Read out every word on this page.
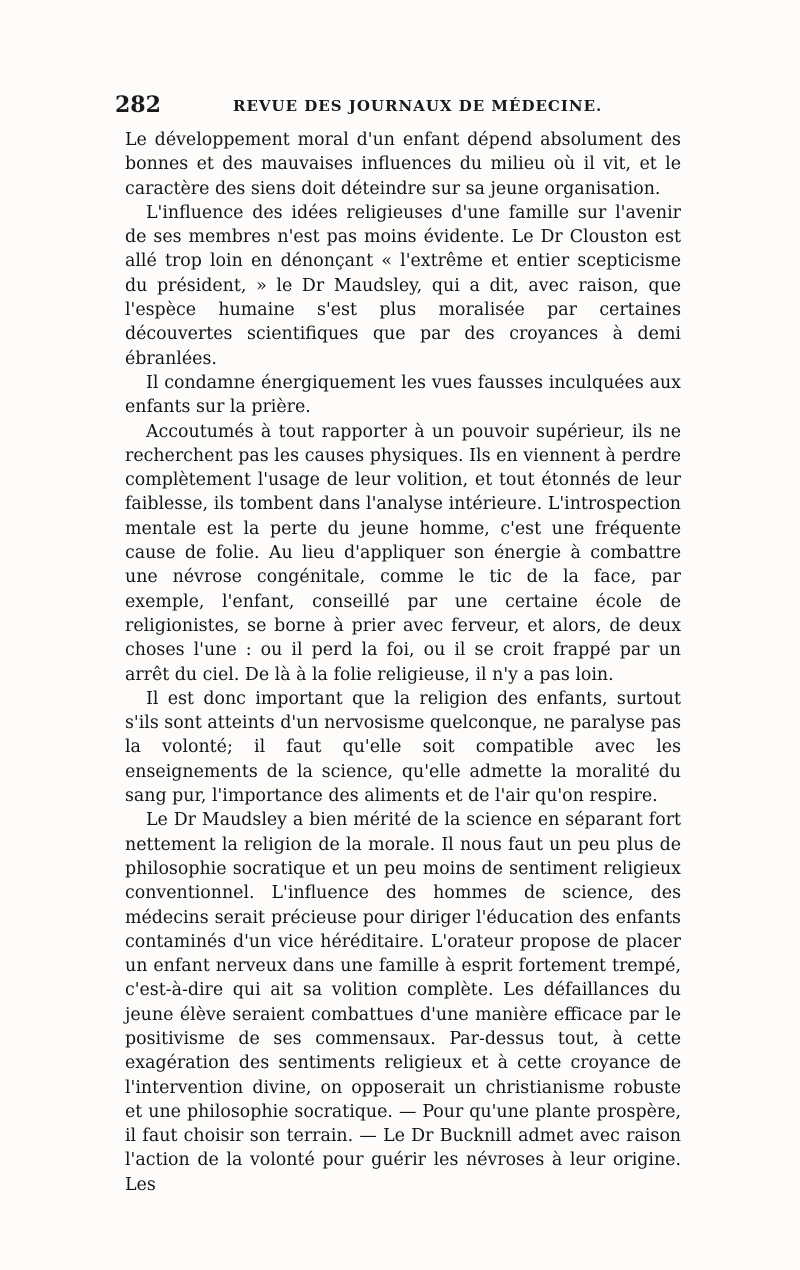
282	REVUE DES JOURNAUX DE MÉDECINE.

Le développement moral d'un enfant dépend absolument des bonnes et des mauvaises influences du milieu où il vit, et le caractère des siens doit déteindre sur sa jeune organisation.

L'influence des idées religieuses d'une famille sur l'avenir de ses membres n'est pas moins évidente. Le Dr Clouston est allé trop loin en dénonçant « l'extrême et entier scepticisme du président, » le Dr Maudsley, qui a dit, avec raison, que l'espèce humaine s'est plus moralisée par certaines découvertes scientifiques que par des croyances à demi ébranlées.

Il condamne énergiquement les vues fausses inculquées aux enfants sur la prière.

Accoutumés à tout rapporter à un pouvoir supérieur, ils ne recherchent pas les causes physiques. Ils en viennent à perdre complètement l'usage de leur volition, et tout étonnés de leur faiblesse, ils tombent dans l'analyse intérieure. L'introspection mentale est la perte du jeune homme, c'est une fréquente cause de folie. Au lieu d'appliquer son énergie à combattre une névrose congénitale, comme le tic de la face, par exemple, l'enfant, conseillé par une certaine école de religionistes, se borne à prier avec ferveur, et alors, de deux choses l'une : ou il perd la foi, ou il se croit frappé par un arrêt du ciel. De là à la folie religieuse, il n'y a pas loin.

Il est donc important que la religion des enfants, surtout s'ils sont atteints d'un nervosisme quelconque, ne paralyse pas la volonté; il faut qu'elle soit compatible avec les enseignements de la science, qu'elle admette la moralité du sang pur, l'importance des aliments et de l'air qu'on respire.

Le Dr Maudsley a bien mérité de la science en séparant fort nettement la religion de la morale. Il nous faut un peu plus de philosophie socratique et un peu moins de sentiment religieux conventionnel. L'influence des hommes de science, des médecins serait précieuse pour diriger l'éducation des enfants contaminés d'un vice héréditaire. L'orateur propose de placer un enfant nerveux dans une famille à esprit fortement trempé, c'est-à-dire qui ait sa volition complète. Les défaillances du jeune élève seraient combattues d'une manière efficace par le positivisme de ses commensaux. Par-dessus tout, à cette exagération des sentiments religieux et à cette croyance de l'intervention divine, on opposerait un christianisme robuste et une philosophie socratique. — Pour qu'une plante prospère, il faut choisir son terrain. — Le Dr Bucknill admet avec raison l'action de la volonté pour guérir les névroses à leur origine. Les
